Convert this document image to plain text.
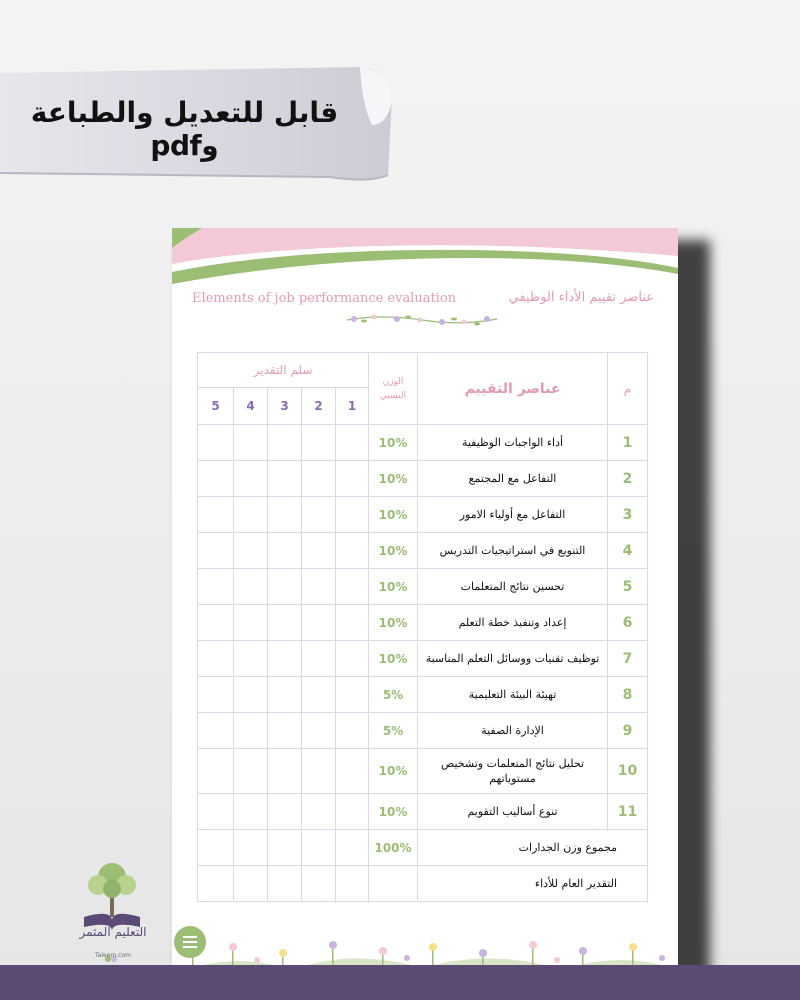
قابل للتعديل والطباعة وpdf
Elements of job performance evaluation	عناصر تقييم الأداء الوظيفي
سلم التقدير					الوزن النسبي	عناصر التقييم	م
5	4	3	2	1			
					10%	أداء الواجبات الوظيفية	1
					10%	التفاعل مع المجتمع	2
					10%	التفاعل مع أولياء الامور	3
					10%	التنويع في استراتيجيات التدريس	4
					10%	تحسين نتائج المتعلمات	5
					10%	إعداد وتنفيذ خطة التعلم	6
					10%	توظيف تقنيات ووسائل التعلم المناسبة	7
					5%	تهيئة البيئة التعليمية	8
					5%	الإدارة الصفية	9
					10%	تحليل نتائج المتعلمات وتشخيص مستوياتهم	10
					10%	تنوع أساليب التقويم	11
					100%	مجموع وزن الجدارات	
						التقدير العام للأداء	
التعليم المثمر
Taleem.com
